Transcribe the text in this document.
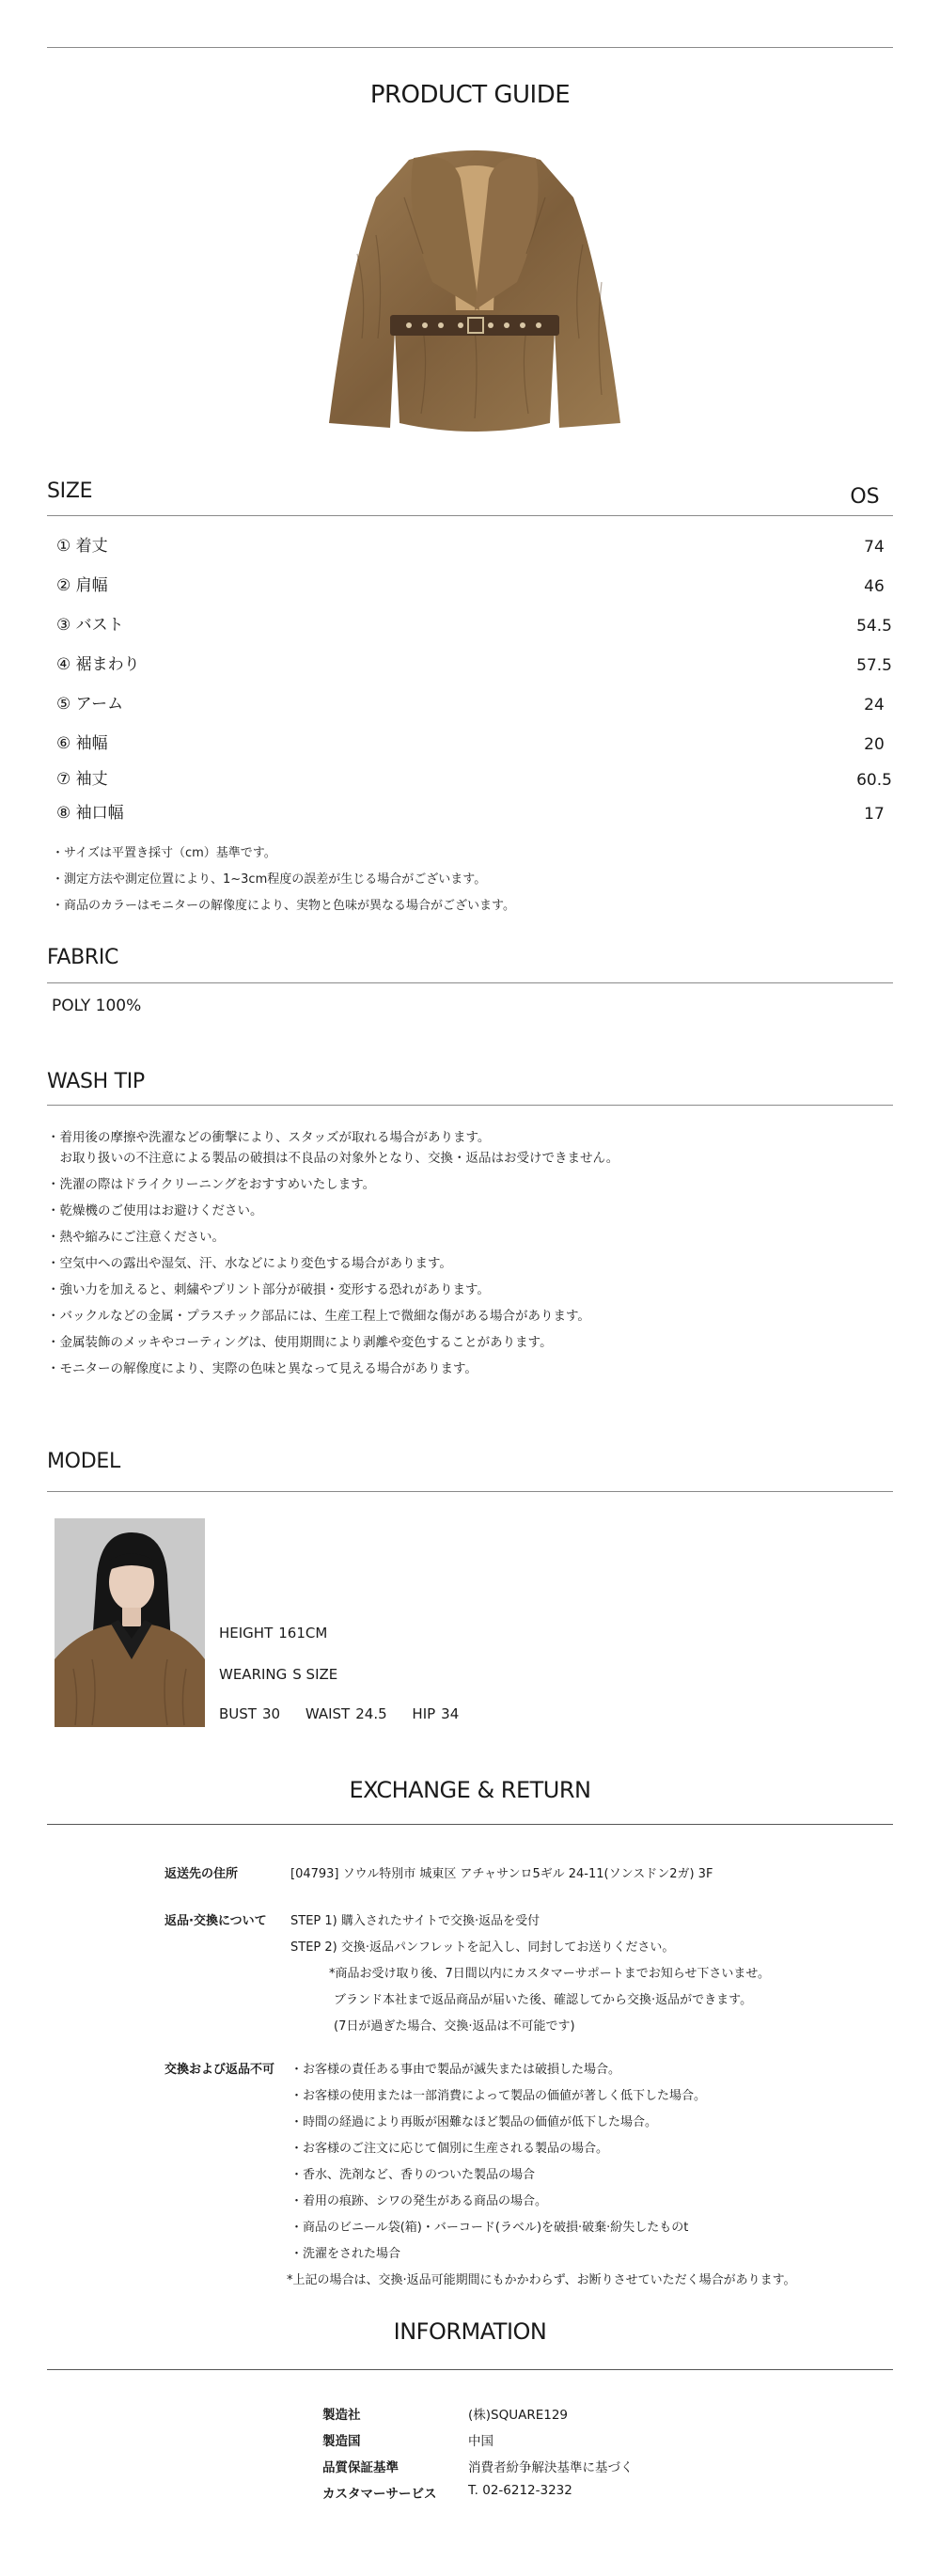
PRODUCT GUIDE
SIZE	OS
① 着丈	74
② 肩幅	46
③ バスト	54.5
④ 裾まわり	57.5
⑤ アーム	24
⑥ 袖幅	20
⑦ 袖丈	60.5
⑧ 袖口幅	17
・サイズは平置き採寸（cm）基準です。
・測定方法や測定位置により、1~3cm程度の誤差が生じる場合がございます。
・商品のカラーはモニターの解像度により、実物と色味が異なる場合がございます。
FABRIC
POLY 100%
WASH TIP
・着用後の摩擦や洗濯などの衝撃により、スタッズが取れる場合があります。
　お取り扱いの不注意による製品の破損は不良品の対象外となり、交換・返品はお受けできません。
・洗濯の際はドライクリーニングをおすすめいたします。
・乾燥機のご使用はお避けください。
・熱や縮みにご注意ください。
・空気中への露出や湿気、汗、水などにより変色する場合があります。
・強い力を加えると、刺繍やプリント部分が破損・変形する恐れがあります。
・バックルなどの金属・プラスチック部品には、生産工程上で微細な傷がある場合があります。
・金属装飾のメッキやコーティングは、使用期間により剥離や変色することがあります。
・モニターの解像度により、実際の色味と異なって見える場合があります。
MODEL
HEIGHT 161CM
WEARING S SIZE
BUST 30 WAIST 24.5 HIP 34
EXCHANGE & RETURN
返送先の住所	[04793] ソウル特別市 城東区 アチャサンロ5ギル 24-11(ソンスドン2ガ) 3F
返品·交換について STEP 1) 購入されたサイトで交換·返品を受付
STEP 2) 交換·返品パンフレットを記入し、同封してお送りください。
*商品お受け取り後、7日間以内にカスタマーサポートまでお知らせ下さいませ。
ブランド本社まで返品商品が届いた後、確認してから交換·返品ができます。
(7日が過ぎた場合、交換·返品は不可能です)
交換および返品不可 ・お客様の責任ある事由で製品が滅失または破損した場合。
・お客様の使用または一部消費によって製品の価値が著しく低下した場合。
・時間の経過により再販が困難なほど製品の価値が低下した場合。
・お客様のご注文に応じて個別に生産される製品の場合。
・香水、洗剤など、香りのついた製品の場合
・着用の痕跡、シワの発生がある商品の場合。
・商品のビニール袋(箱)・バーコード(ラベル)を破損·破棄·紛失したものt
・洗濯をされた場合
*上記の場合は、交換·返品可能期間にもかかわらず、お断りさせていただく場合があります。
INFORMATION
製造社	(株)SQUARE129
製造国	中国
品質保証基準	消費者紛争解決基準に基づく
カスタマーサービス T. 02-6212-3232
